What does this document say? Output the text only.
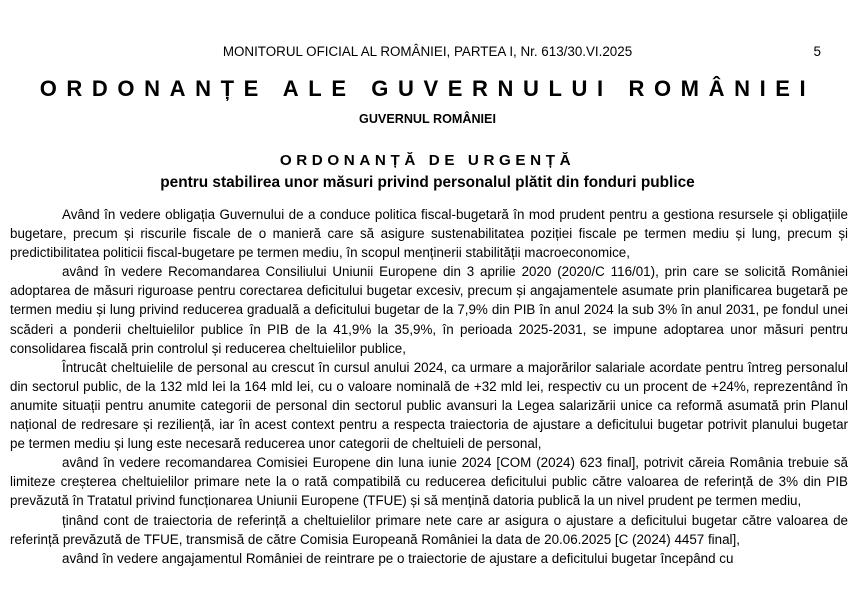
MONITORUL OFICIAL AL ROMÂNIEI, PARTEA I, Nr. 613/30.VI.2025	5
ORDONANȚE ALE GUVERNULUI ROMÂNIEI
GUVERNUL ROMÂNIEI
ORDONANȚĂ DE URGENȚĂ
pentru stabilirea unor măsuri privind personalul plătit din fonduri publice

Având în vedere obligația Guvernului de a conduce politica fiscal-bugetară în mod prudent pentru a gestiona resursele și obligațiile bugetare, precum și riscurile fiscale de o manieră care să asigure sustenabilitatea poziției fiscale pe termen mediu și lung, precum și predictibilitatea politicii fiscal-bugetare pe termen mediu, în scopul menținerii stabilității macroeconomice,

având în vedere Recomandarea Consiliului Uniunii Europene din 3 aprilie 2020 (2020/C 116/01), prin care se solicită României adoptarea de măsuri riguroase pentru corectarea deficitului bugetar excesiv, precum și angajamentele asumate prin planificarea bugetară pe termen mediu și lung privind reducerea graduală a deficitului bugetar de la 7,9% din PIB în anul 2024 la sub 3% în anul 2031, pe fondul unei scăderi a ponderii cheltuielilor publice în PIB de la 41,9% la 35,9%, în perioada 2025-2031, se impune adoptarea unor măsuri pentru consolidarea fiscală prin controlul și reducerea cheltuielilor publice,

Întrucât cheltuielile de personal au crescut în cursul anului 2024, ca urmare a majorărilor salariale acordate pentru întreg personalul din sectorul public, de la 132 mld lei la 164 mld lei, cu o valoare nominală de +32 mld lei, respectiv cu un procent de +24%, reprezentând în anumite situații pentru anumite categorii de personal din sectorul public avansuri la Legea salarizării unice ca reformă asumată prin Planul național de redresare și reziliență, iar în acest context pentru a respecta traiectoria de ajustare a deficitului bugetar potrivit planului bugetar pe termen mediu și lung este necesară reducerea unor categorii de cheltuieli de personal,

având în vedere recomandarea Comisiei Europene din luna iunie 2024 [COM (2024) 623 final], potrivit căreia România trebuie să limiteze creșterea cheltuielilor primare nete la o rată compatibilă cu reducerea deficitului public către valoarea de referință de 3% din PIB prevăzută în Tratatul privind funcționarea Uniunii Europene (TFUE) și să mențină datoria publică la un nivel prudent pe termen mediu,

ținând cont de traiectoria de referință a cheltuielilor primare nete care ar asigura o ajustare a deficitului bugetar către valoarea de referință prevăzută de TFUE, transmisă de către Comisia Europeană României la data de 20.06.2025 [C (2024) 4457 final],

având în vedere angajamentul României de reintrare pe o traiectorie de ajustare a deficitului bugetar începând cu
